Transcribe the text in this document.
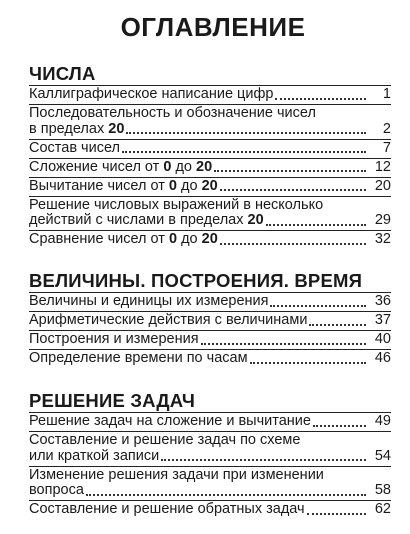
ОГЛАВЛЕНИЕ
ЧИСЛА
Каллиграфическое написание цифр	1
Последовательность и обозначение чисел
в пределах 20	2
Состав чисел	7
Сложение чисел от 0 до 20	12
Вычитание чисел от 0 до 20	20
Решение числовых выражений в несколько
действий с числами в пределах 20	29
Сравнение чисел от 0 до 20	32
ВЕЛИЧИНЫ. ПОСТРОЕНИЯ. ВРЕМЯ
Величины и единицы их измерения	36
Арифметические действия с величинами	37
Построения и измерения	40
Определение времени по часам	46
РЕШЕНИЕ ЗАДАЧ
Решение задач на сложение и вычитание	49
Составление и решение задач по схеме
или краткой записи	54
Изменение решения задачи при изменении
вопроса	58
Составление и решение обратных задач	62
